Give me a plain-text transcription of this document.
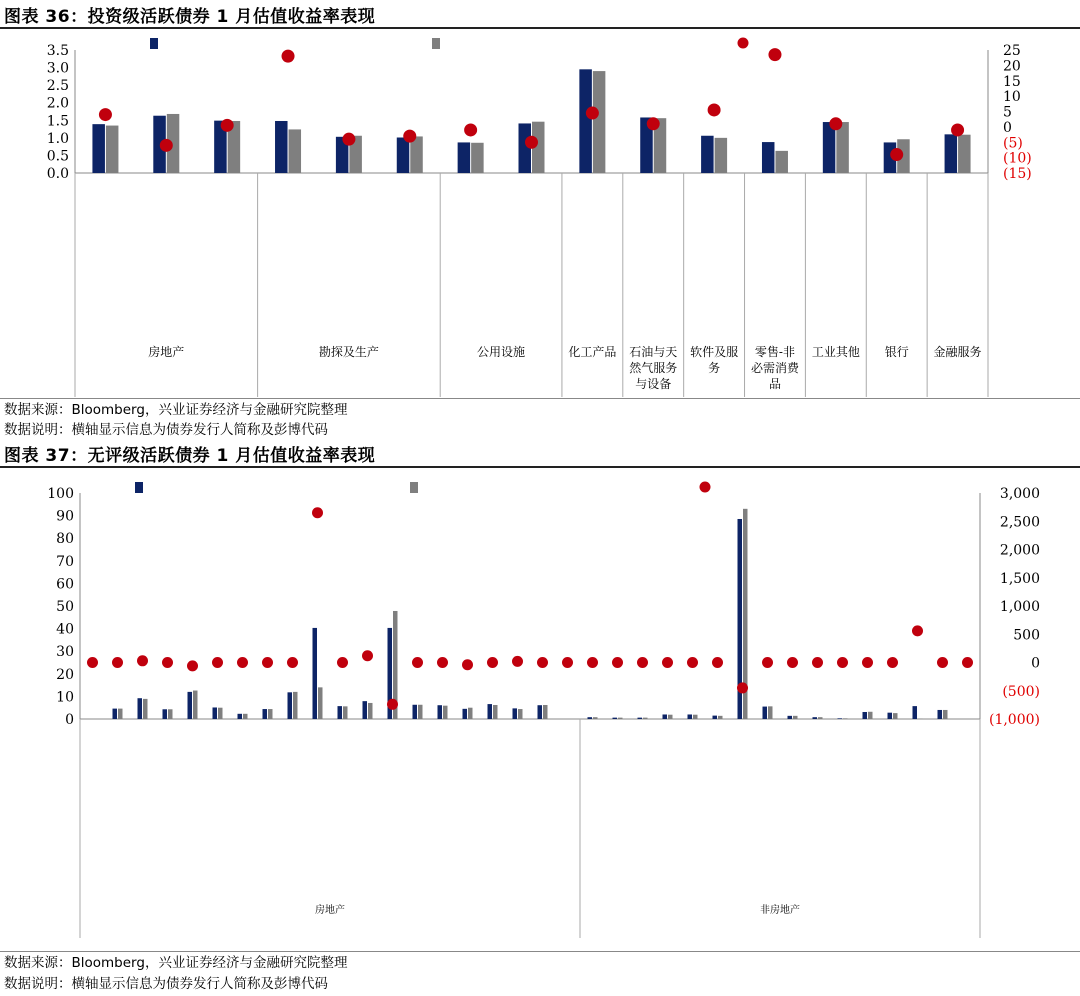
图表 36：投资级活跃债券 1 月估值收益率表现
3.5
3.0
2.5
2.0
1.5
1.0
0.5
0.0
25
20
15
10
5
0
(5)
(10)
(15)
房地产	勘探及生产	公用设施	化工产品 石油与天然气服务与设备
软件及服务
零售-非必需消费品
工业其他 银行 金融服务
数据来源：Bloomberg，兴业证券经济与金融研究院整理
数据说明：横轴显示信息为债券发行人简称及彭博代码
图表 37：无评级活跃债券 1 月估值收益率表现
100
90
80
70
60
50
40
30
20
10
0
3,000
2,500
2,000
1,500
1,000
500
0
(500)
(1,000)
房地产	非房地产
数据来源：Bloomberg，兴业证券经济与金融研究院整理
数据说明：横轴显示信息为债券发行人简称及彭博代码
